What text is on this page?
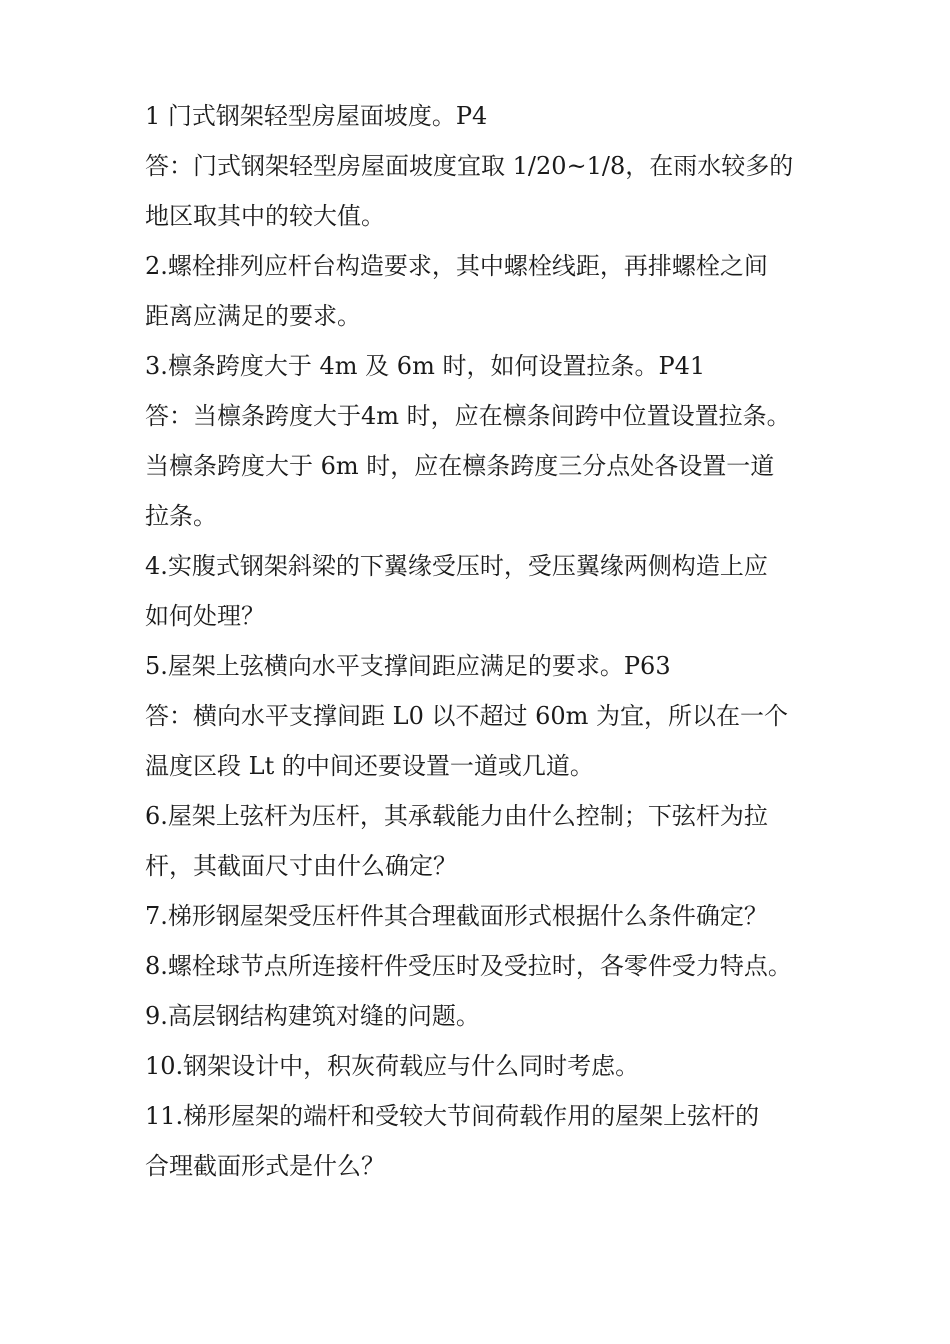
1 门式钢架轻型房屋面坡度。P4
答：门式钢架轻型房屋面坡度宜取 1/20~1/8，在雨水较多的
地区取其中的较大值。
2.螺栓排列应杆台构造要求，其中螺栓线距，再排螺栓之间
距离应满足的要求。
3.檩条跨度大于 4m 及 6m 时，如何设置拉条。P41
答：当檩条跨度大于4m 时，应在檩条间跨中位置设置拉条。
当檩条跨度大于 6m 时，应在檩条跨度三分点处各设置一道
拉条。
4.实腹式钢架斜梁的下翼缘受压时，受压翼缘两侧构造上应
如何处理？
5.屋架上弦横向水平支撑间距应满足的要求。P63
答：横向水平支撑间距 L0 以不超过 60m 为宜，所以在一个
温度区段 Lt 的中间还要设置一道或几道。
6.屋架上弦杆为压杆，其承载能力由什么控制；下弦杆为拉
杆，其截面尺寸由什么确定？
7.梯形钢屋架受压杆件其合理截面形式根据什么条件确定？
8.螺栓球节点所连接杆件受压时及受拉时，各零件受力特点。
9.高层钢结构建筑对缝的问题。
10.钢架设计中，积灰荷载应与什么同时考虑。
11.梯形屋架的端杆和受较大节间荷载作用的屋架上弦杆的
合理截面形式是什么？
